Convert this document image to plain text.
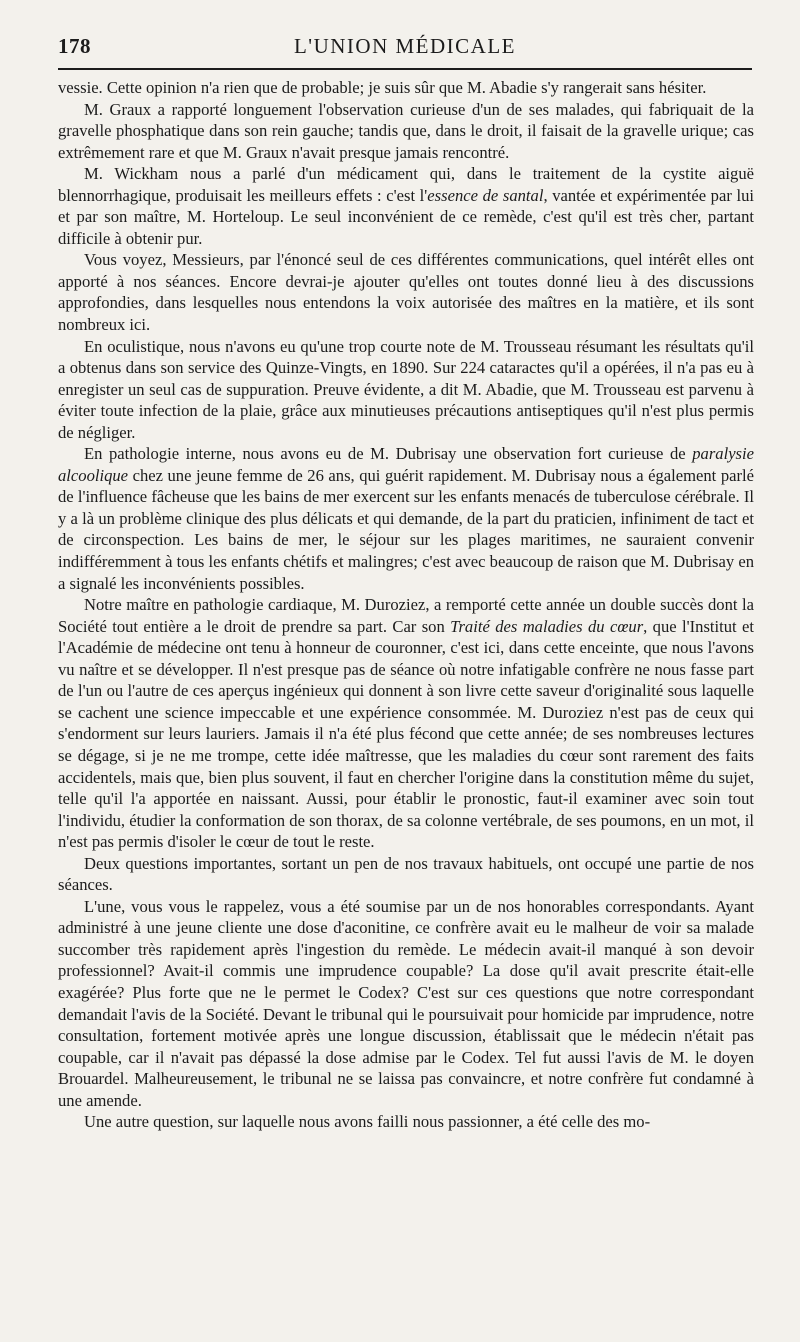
178	L'UNION MÉDICALE

vessie. Cette opinion n'a rien que de probable; je suis sûr que M. Abadie s'y rangerait sans hésiter.

M. Graux a rapporté longuement l'observation curieuse d'un de ses malades, qui fabriquait de la gravelle phosphatique dans son rein gauche; tandis que, dans le droit, il faisait de la gravelle urique; cas extrêmement rare et que M. Graux n'avait presque jamais rencontré.

M. Wickham nous a parlé d'un médicament qui, dans le traitement de la cystite aiguë blennorrhagique, produisait les meilleurs effets : c'est l'essence de santal, vantée et expérimentée par lui et par son maître, M. Horteloup. Le seul inconvénient de ce remède, c'est qu'il est très cher, partant difficile à obtenir pur.

Vous voyez, Messieurs, par l'énoncé seul de ces différentes communications, quel intérêt elles ont apporté à nos séances. Encore devrai-je ajouter qu'elles ont toutes donné lieu à des discussions approfondies, dans lesquelles nous entendons la voix autorisée des maîtres en la matière, et ils sont nombreux ici.

En oculistique, nous n'avons eu qu'une trop courte note de M. Trousseau résumant les résultats qu'il a obtenus dans son service des Quinze-Vingts, en 1890. Sur 224 cataractes qu'il a opérées, il n'a pas eu à enregister un seul cas de suppuration. Preuve évidente, a dit M. Abadie, que M. Trousseau est parvenu à éviter toute infection de la plaie, grâce aux minutieuses précautions antiseptiques qu'il n'est plus permis de négliger.

En pathologie interne, nous avons eu de M. Dubrisay une observation fort curieuse de paralysie alcoolique chez une jeune femme de 26 ans, qui guérit rapidement. M. Dubrisay nous a également parlé de l'influence fâcheuse que les bains de mer exercent sur les enfants menacés de tuberculose cérébrale. Il y a là un problème clinique des plus délicats et qui demande, de la part du praticien, infiniment de tact et de circonspection. Les bains de mer, le séjour sur les plages maritimes, ne sauraient convenir indifféremment à tous les enfants chétifs et malingres; c'est avec beaucoup de raison que M. Dubrisay en a signalé les inconvénients possibles.

Notre maître en pathologie cardiaque, M. Duroziez, a remporté cette année un double succès dont la Société tout entière a le droit de prendre sa part. Car son Traité des maladies du cœur, que l'Institut et l'Académie de médecine ont tenu à honneur de couronner, c'est ici, dans cette enceinte, que nous l'avons vu naître et se développer. Il n'est presque pas de séance où notre infatigable confrère ne nous fasse part de l'un ou l'autre de ces aperçus ingénieux qui donnent à son livre cette saveur d'originalité sous laquelle se cachent une science impeccable et une expérience consommée. M. Duroziez n'est pas de ceux qui s'endorment sur leurs lauriers. Jamais il n'a été plus fécond que cette année; de ses nombreuses lectures se dégage, si je ne me trompe, cette idée maîtresse, que les maladies du cœur sont rarement des faits accidentels, mais que, bien plus souvent, il faut en chercher l'origine dans la constitution même du sujet, telle qu'il l'a apportée en naissant. Aussi, pour établir le pronostic, faut-il examiner avec soin tout l'individu, étudier la conformation de son thorax, de sa colonne vertébrale, de ses poumons, en un mot, il n'est pas permis d'isoler le cœur de tout le reste.

Deux questions importantes, sortant un pen de nos travaux habituels, ont occupé une partie de nos séances.

L'une, vous vous le rappelez, vous a été soumise par un de nos honorables correspondants. Ayant administré à une jeune cliente une dose d'aconitine, ce confrère avait eu le malheur de voir sa malade succomber très rapidement après l'ingestion du remède. Le médecin avait-il manqué à son devoir professionnel? Avait-il commis une imprudence coupable? La dose qu'il avait prescrite était-elle exagérée? Plus forte que ne le permet le Codex? C'est sur ces questions que notre correspondant demandait l'avis de la Société. Devant le tribunal qui le poursuivait pour homicide par imprudence, notre consultation, fortement motivée après une longue discussion, établissait que le médecin n'était pas coupable, car il n'avait pas dépassé la dose admise par le Codex. Tel fut aussi l'avis de M. le doyen Brouardel. Malheureusement, le tribunal ne se laissa pas convaincre, et notre confrère fut condamné à une amende.

Une autre question, sur laquelle nous avons failli nous passionner, a été celle des mo-
